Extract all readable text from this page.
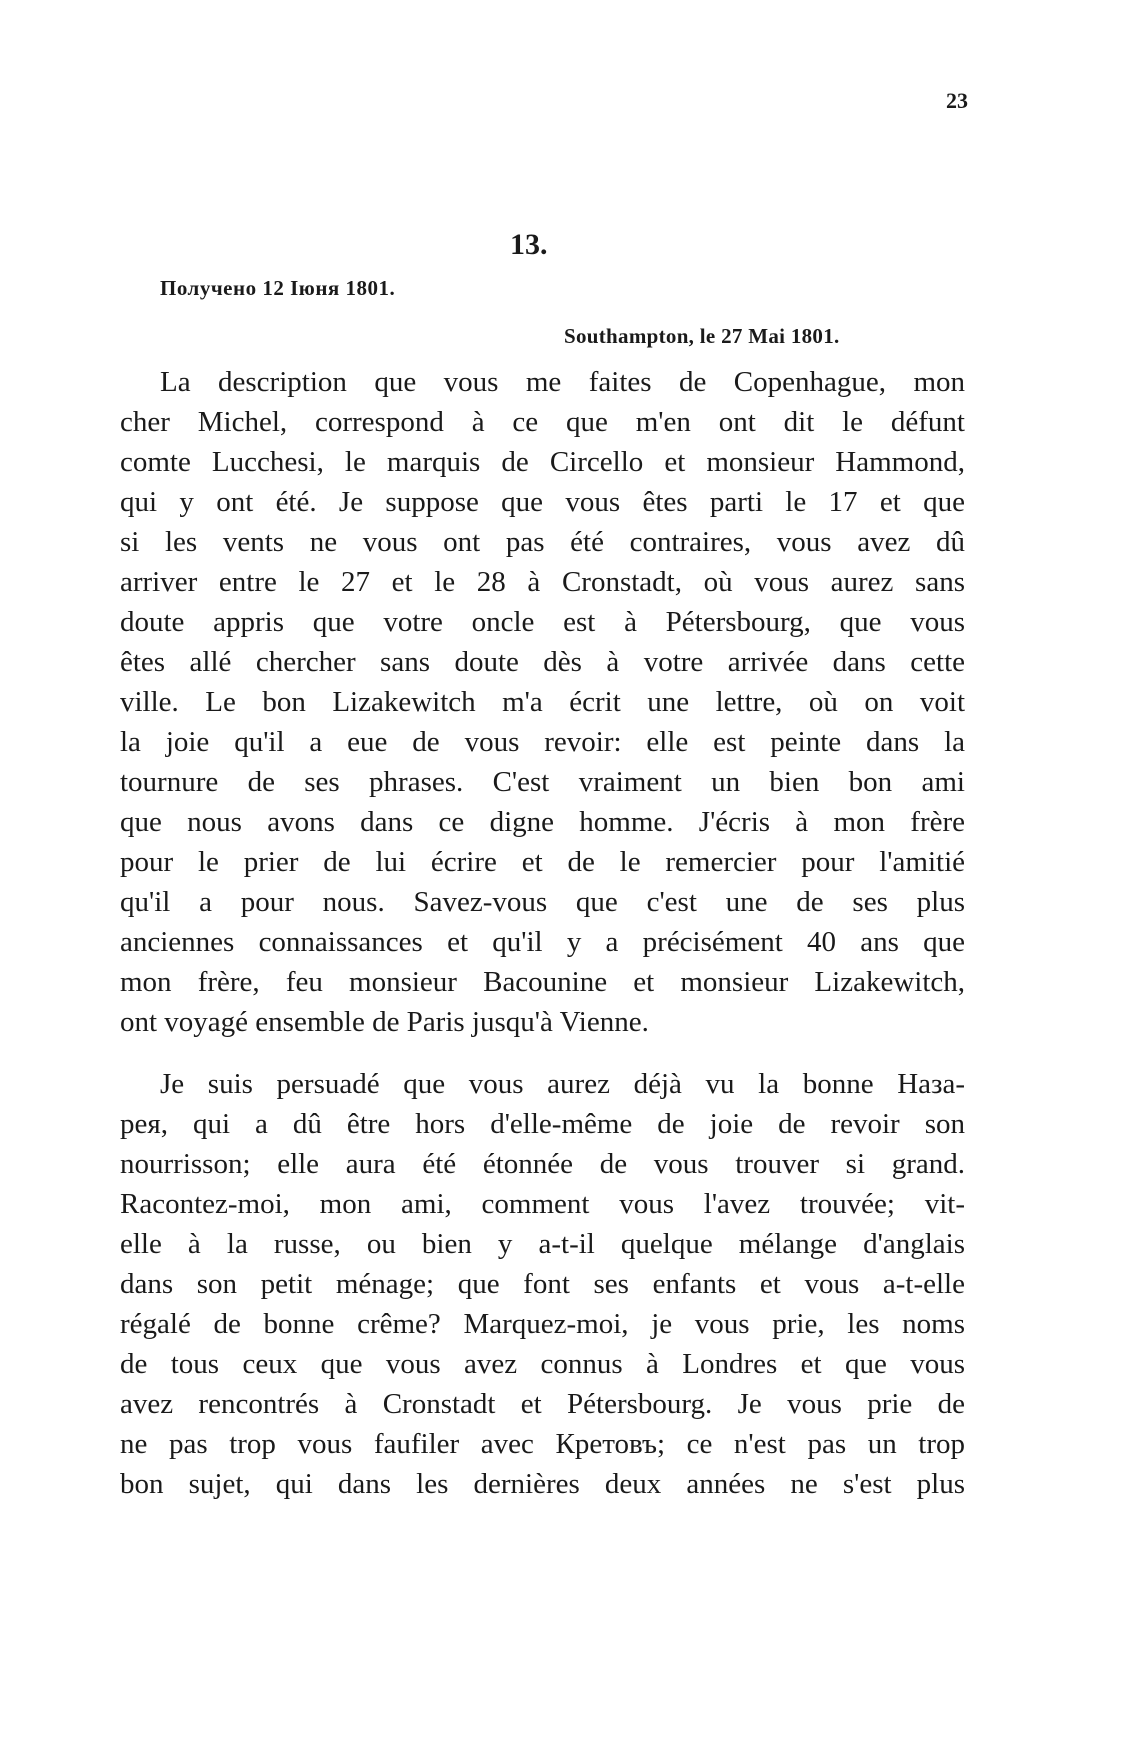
23
13.
Получено 12 Іюня 1801.
Southampton, le 27 Mai 1801.
La description que vous me faites de Copenhague, mon
cher Michel, correspond à ce que m'en ont dit le défunt
comte Lucchesi, le marquis de Circello et monsieur Hammond,
qui y ont été. Je suppose que vous êtes parti le 17 et que
si les vents ne vous ont pas été contraires, vous avez dû
arriver entre le 27 et le 28 à Cronstadt, où vous aurez sans
doute appris que votre oncle est à Pétersbourg, que vous
êtes allé chercher sans doute dès à votre arrivée dans cette
ville. Le bon Lizakewitch m'a écrit une lettre, où on voit
la joie qu'il a eue de vous revoir: elle est peinte dans la
tournure de ses phrases. C'est vraiment un bien bon ami
que nous avons dans ce digne homme. J'écris à mon frère
pour le prier de lui écrire et de le remercier pour l'amitié
qu'il a pour nous. Savez-vous que c'est une de ses plus
anciennes connaissances et qu'il y a précisément 40 ans que
mon frère, feu monsieur Bacounine et monsieur Lizakewitch,
ont voyagé ensemble de Paris jusqu'à Vienne.
Je suis persuadé que vous aurez déjà vu la bonne Наза-
рея, qui a dû être hors d'elle-même de joie de revoir son
nourrisson; elle aura été étonnée de vous trouver si grand.
Racontez-moi, mon ami, comment vous l'avez trouvée; vit-
elle à la russe, ou bien y a-t-il quelque mélange d'anglais
dans son petit ménage; que font ses enfants et vous a-t-elle
régalé de bonne crême? Marquez-moi, je vous prie, les noms
de tous ceux que vous avez connus à Londres et que vous
avez rencontrés à Cronstadt et Pétersbourg. Je vous prie de
ne pas trop vous faufiler avec Кретовъ; ce n'est pas un trop
bon sujet, qui dans les dernières deux années ne s'est plus
